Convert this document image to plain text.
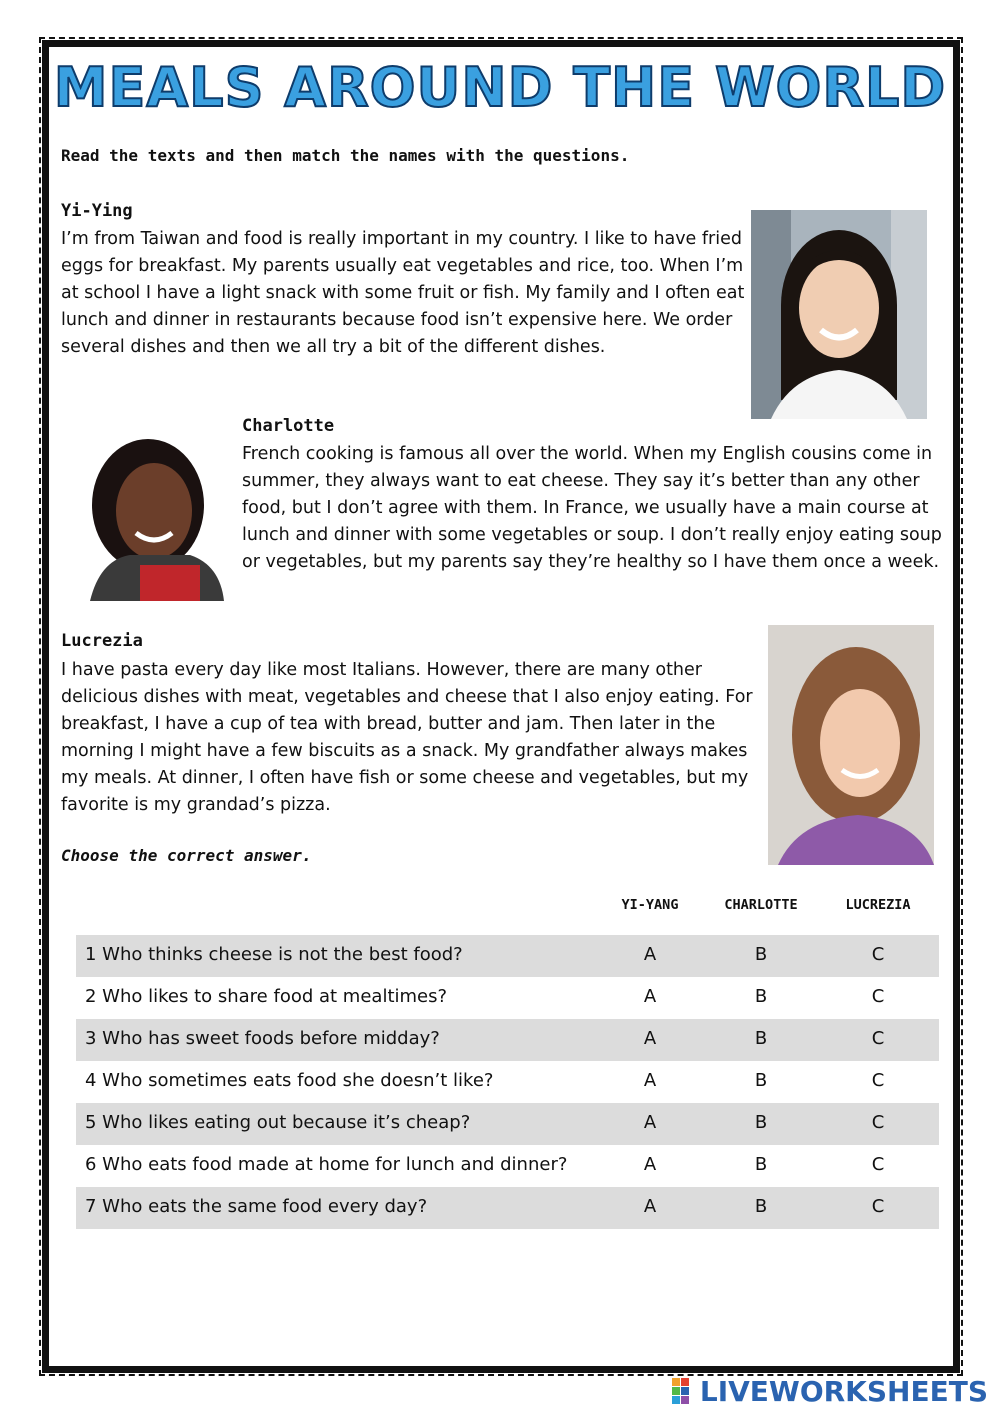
MEALS AROUND THE WORLD
Read the texts and then match the names with the questions.
Yi-Ying
I’m from Taiwan and food is really important in my country. I like to have fried eggs for breakfast. My parents usually eat vegetables and rice, too. When I’m at school I have a light snack with some fruit or fish. My family and I often eat lunch and dinner in restaurants because food isn’t expensive here. We order several dishes and then we all try a bit of the different dishes.
Charlotte
French cooking is famous all over the world. When my English cousins come in summer, they always want to eat cheese. They say it’s better than any other food, but I don’t agree with them. In France, we usually have a main course at lunch and dinner with some vegetables or soup. I don’t really enjoy eating soup or vegetables, but my parents say they’re healthy so I have them once a week.
Lucrezia
I have pasta every day like most Italians. However, there are many other delicious dishes with meat, vegetables and cheese that I also enjoy eating. For breakfast, I have a cup of tea with bread, butter and jam. Then later in the morning I might have a few biscuits as a snack. My grandfather always makes my meals. At dinner, I often have fish or some cheese and vegetables, but my favorite is my grandad’s pizza.
Choose the correct answer.
YI-YANG	CHARLOTTE	LUCREZIA
1 Who thinks cheese is not the best food?	A	B	C
2 Who likes to share food at mealtimes?	A	B	C
3 Who has sweet foods before midday?	A	B	C
4 Who sometimes eats food she doesn’t like?	A	B	C
5 Who likes eating out because it’s cheap?	A	B	C
6 Who eats food made at home for lunch and dinner?	A	B	C
7 Who eats the same food every day?	A	B	C
LIVEWORKSHEETS
